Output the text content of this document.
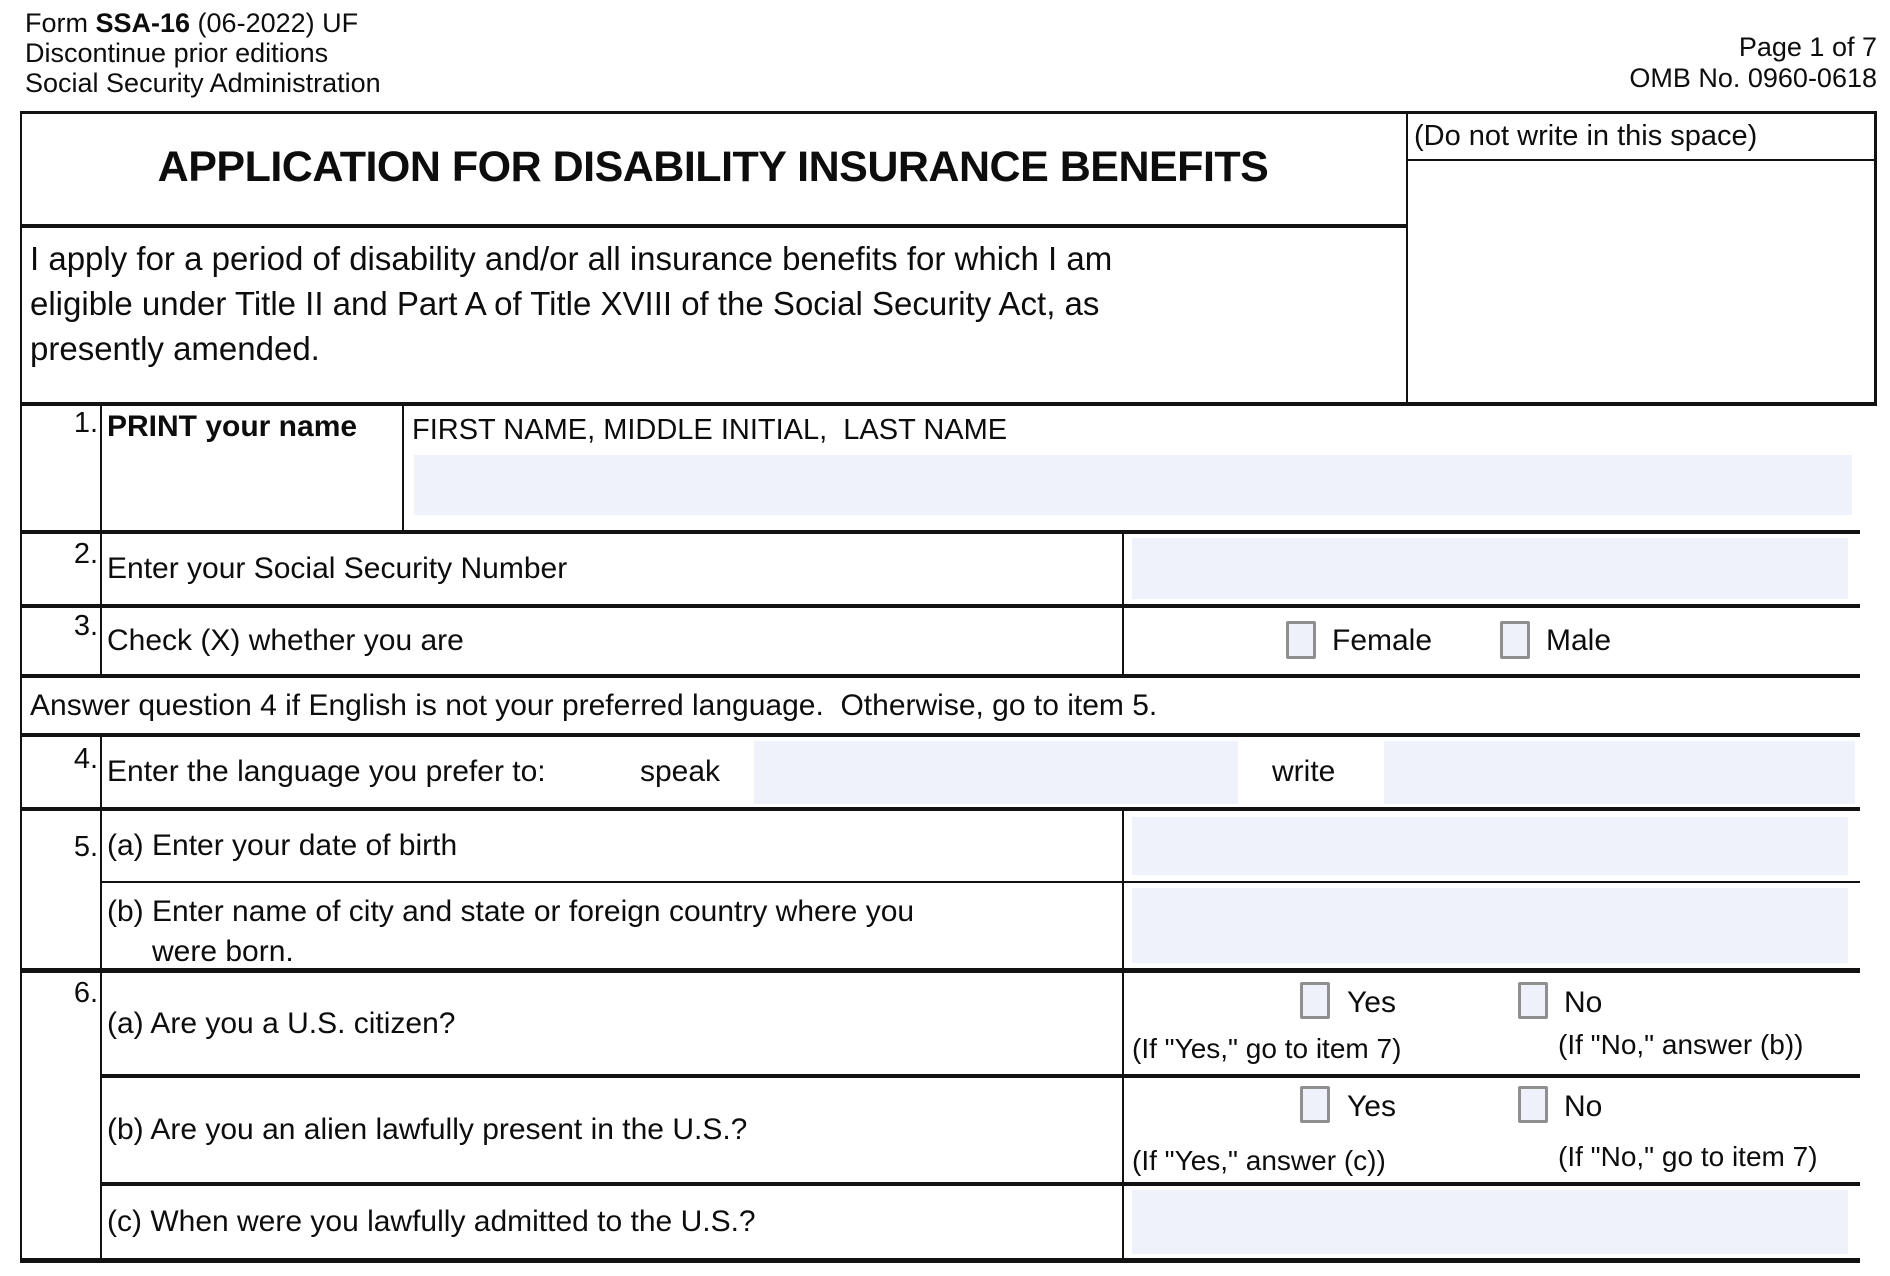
Form SSA-16 (06-2022) UF
Discontinue prior editions
Social Security Administration
Page 1 of 7
OMB No. 0960-0618
APPLICATION FOR DISABILITY INSURANCE BENEFITS
I apply for a period of disability and/or all insurance benefits for which I am eligible under Title II and Part A of Title XVIII of the Social Security Act, as presently amended.
(Do not write in this space)
1. PRINT your name FIRST NAME, MIDDLE INITIAL,  LAST NAME
2. Enter your Social Security Number
3. Check (X) whether you are	Female	Male
Answer question 4 if English is not your preferred language.  Otherwise, go to item 5.
4. Enter the language you prefer to:	speak	write
5. (a) Enter your date of birth
(b) Enter name of city and state or foreign country where you
were born.
6.
(a) Are you a U.S. citizen?
Yes	No
(If "Yes," go to item 7)	(If "No," answer (b))
(b) Are you an alien lawfully present in the U.S.?
Yes	No
(If "Yes," answer (c))	(If "No," go to item 7)
(c) When were you lawfully admitted to the U.S.?
